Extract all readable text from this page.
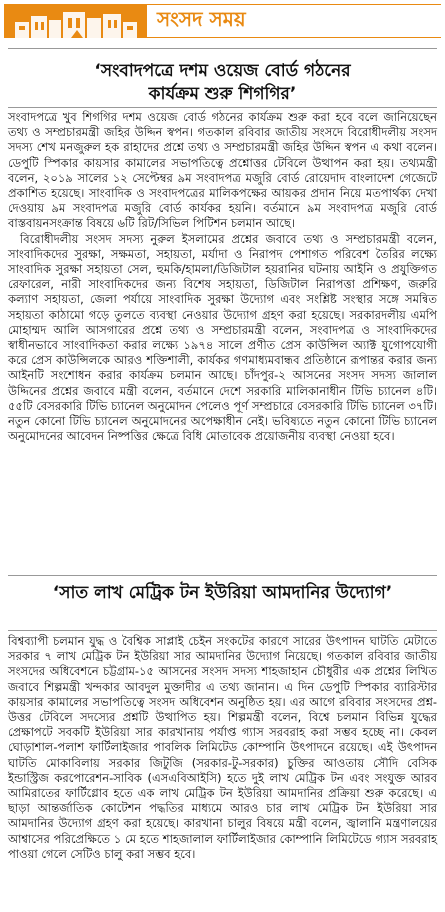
সংসদ সময়
‘সংবাদপত্রে দশম ওয়েজ বোর্ড গঠনের
কার্যক্রম শুরু শিগগির’

সংবাদপত্রে খুব শিগগির দশম ওয়েজ বোর্ড গঠনের কার্যক্রম শুরু করা হবে বলে জানিয়েছেন তথ্য ও সম্প্রচারমন্ত্রী জহির উদ্দিন স্বপন। গতকাল রবিবার জাতীয় সংসদে বিরোধীদলীয় সংসদ সদস্য শেখ মনজুরুল হক রাহাদের প্রশ্নে তথ্য ও সম্প্রচারমন্ত্রী জহির উদ্দিন স্বপন এ কথা বলেন। ডেপুটি স্পিকার কায়সার কামালের সভাপতিত্বে প্রশ্নোত্তর টেবিলে উত্থাপন করা হয়। তথ্যমন্ত্রী বলেন, ২০১৯ সালের ১২ সেপ্টেম্বর ৯ম সংবাদপত্র মজুরি বোর্ড রোয়েদাদ বাংলাদেশ গেজেটে প্রকাশিত হয়েছে। সাংবাদিক ও সংবাদপত্রের মালিকপক্ষের আয়কর প্রদান নিয়ে মতপার্থক্য দেখা দেওয়ায় ৯ম সংবাদপত্র মজুরি বোর্ড কার্যকর হয়নি। বর্তমানে ৯ম সংবাদপত্র মজুরি বোর্ড বাস্তবায়নসংক্রান্ত বিষয়ে ৬টি রিট/সিভিল পিটিশন চলমান আছে।

বিরোধীদলীয় সংসদ সদস্য নুরুল ইসলামের প্রশ্নের জবাবে তথ্য ও সম্প্রচারমন্ত্রী বলেন, সাংবাদিকদের সুরক্ষা, সক্ষমতা, সহায়তা, মর্যাদা ও নিরাপদ পেশাগত পরিবেশ তৈরির লক্ষ্যে সাংবাদিক সুরক্ষা সহায়তা সেল, হুমকি/হামলা/ডিজিটাল হয়রানির ঘটনায় আইনি ও প্রযুক্তিগত রেফারেল, নারী সাংবাদিকদের জন্য বিশেষ সহায়তা, ডিজিটাল নিরাপত্তা প্রশিক্ষণ, জরুরি কল্যাণ সহায়তা, জেলা পর্যায়ে সাংবাদিক সুরক্ষা উদ্যোগ এবং সংশ্লিষ্ট সংস্থার সঙ্গে সমন্বিত সহায়তা কাঠামো গড়ে তুলতে ব্যবস্থা নেওয়ার উদ্যোগ গ্রহণ করা হয়েছে। সরকারদলীয় এমপি মোহাম্মদ আলি আসগারের প্রশ্নে তথ্য ও সম্প্রচারমন্ত্রী বলেন, সংবাদপত্র ও সাংবাদিকদের স্বাধীনভাবে সাংবাদিকতা করার লক্ষ্যে ১৯৭৪ সালে প্রণীত প্রেস কাউন্সিল অ্যাক্ট যুগোপযোগী করে প্রেস কাউন্সিলকে আরও শক্তিশালী, কার্যকর গণমাধ্যমবান্ধব প্রতিষ্ঠানে রূপান্তর করার জন্য আইনটি সংশোধন করার কার্যক্রম চলমান আছে। চাঁদপুর-২ আসনের সংসদ সদস্য জালাল উদ্দিনের প্রশ্নের জবাবে মন্ত্রী বলেন, বর্তমানে দেশে সরকারি মালিকানাধীন টিভি চ্যানেল ৪টি। ৫৫টি বেসরকারি টিভি চ্যানেল অনুমোদন পেলেও পূর্ণ সম্প্রচারে বেসরকারি টিভি চ্যানেল ৩৭টি। নতুন কোনো টিভি চ্যানেল অনুমোদনের অপেক্ষাধীন নেই। ভবিষ্যতে নতুন কোনো টিভি চ্যানেল অনুমোদনের আবেদন নিষ্পত্তির ক্ষেত্রে বিধি মোতাবেক প্রয়োজনীয় ব্যবস্থা নেওয়া হবে।

‘সাত লাখ মেট্রিক টন ইউরিয়া আমদানির উদ্যোগ’

বিশ্বব্যাপী চলমান যুদ্ধ ও বৈশ্বিক সাপ্লাই চেইন সংকটের কারণে সারের উৎপাদন ঘাটতি মেটাতে সরকার ৭ লাখ মেট্রিক টন ইউরিয়া সার আমদানির উদ্যোগ নিয়েছে। গতকাল রবিবার জাতীয় সংসদের অধিবেশনে চট্টগ্রাম-১৫ আসনের সংসদ সদস্য শাহজাহান চৌধুরীর এক প্রশ্নের লিখিত জবাবে শিল্পমন্ত্রী খন্দকার আবদুল মুক্তাদীর এ তথ্য জানান। এ দিন ডেপুটি স্পিকার ব্যারিস্টার কায়সার কামালের সভাপতিত্বে সংসদ অধিবেশন অনুষ্ঠিত হয়। এর আগে রবিবার সংসদের প্রশ্ন-উত্তর টেবিলে সদস্যের প্রশ্নটি উত্থাপিত হয়। শিল্পমন্ত্রী বলেন, বিশ্বে চলমান বিভিন্ন যুদ্ধের প্রেক্ষাপটে সবকটি ইউরিয়া সার কারখানায় পর্যাপ্ত গ্যাস সরবরাহ করা সম্ভব হচ্ছে না। কেবল ঘোড়াশাল-পলাশ ফার্টিলাইজার পাবলিক লিমিটেড কোম্পানি উৎপাদনে রয়েছে। এই উৎপাদন ঘাটতি মোকাবিলায় সরকার জিটুজি (সরকার-টু-সরকার) চুক্তির আওতায় সৌদি বেসিক ইন্ডাস্ট্রিজ করপোরেশন-সাবিক (এসএবিআইসি) হতে দুই লাখ মেট্রিক টন এবং সংযুক্ত আরব আমিরাতের ফার্টিগ্লোব হতে এক লাখ মেট্রিক টন ইউরিয়া আমদানির প্রক্রিয়া শুরু করেছে। এ ছাড়া আন্তর্জাতিক কোটেশন পদ্ধতির মাধ্যমে আরও চার লাখ মেট্রিক টন ইউরিয়া সার আমদানির উদ্যোগ গ্রহণ করা হয়েছে। কারখানা চালুর বিষয়ে মন্ত্রী বলেন, জ্বালানি মন্ত্রণালয়ের আশ্বাসের পরিপ্রেক্ষিতে ১ মে হতে শাহজালাল ফার্টিলাইজার কোম্পানি লিমিটেডে গ্যাস সরবরাহ পাওয়া গেলে সেটিও চালু করা সম্ভব হবে।
